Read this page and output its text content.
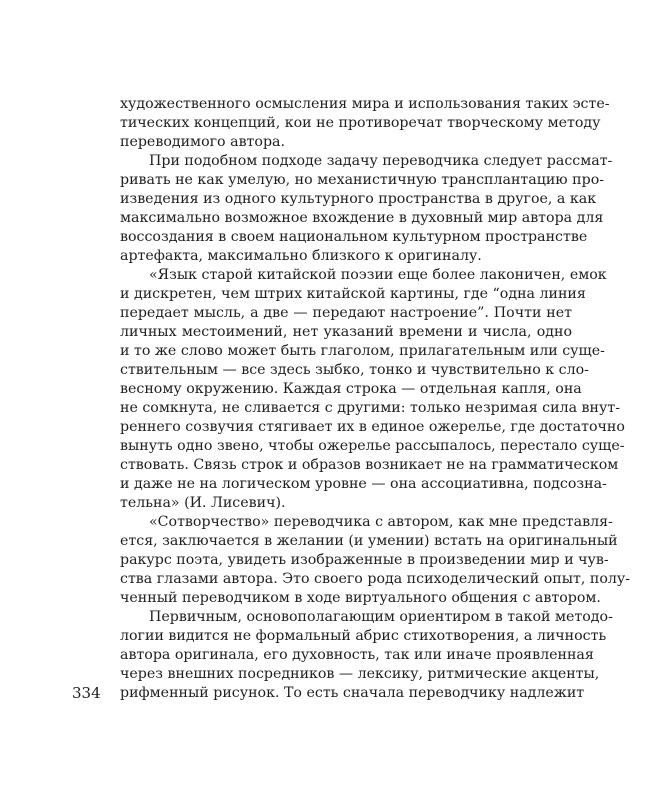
художественного осмысления мира и использования таких эсте-
тических концепций, кои не противоречат творческому методу
переводимого автора.
При подобном подходе задачу переводчика следует рассмат-
ривать не как умелую, но механистичную трансплантацию про-
изведения из одного культурного пространства в другое, а как
максимально возможное вхождение в духовный мир автора для
воссоздания в своем национальном культурном пространстве
артефакта, максимально близкого к оригиналу.
«Язык старой китайской поэзии еще более лаконичен, емок
и дискретен, чем штрих китайской картины, где “одна линия
передает мысль, а две — передают настроение”. Почти нет
личных местоимений, нет указаний времени и числа, одно
и то же слово может быть глаголом, прилагательным или суще-
ствительным — все здесь зыбко, тонко и чувствительно к сло-
весному окружению. Каждая строка — отдельная капля, она
не сомкнута, не сливается с другими: только незримая сила внут-
реннего созвучия стягивает их в единое ожерелье, где достаточно
вынуть одно звено, чтобы ожерелье рассыпалось, перестало суще-
ствовать. Связь строк и образов возникает не на грамматическом
и даже не на логическом уровне — она ассоциативна, подсозна-
тельна» (И. Лисевич).
«Сотворчество» переводчика с автором, как мне представля-
ется, заключается в желании (и умении) встать на оригинальный
ракурс поэта, увидеть изображенные в произведении мир и чув-
ства глазами автора. Это своего рода психоделический опыт, полу-
ченный переводчиком в ходе виртуального общения с автором.
Первичным, основополагающим ориентиром в такой методо-
логии видится не формальный абрис стихотворения, а личность
автора оригинала, его духовность, так или иначе проявленная
через внешних посредников — лексику, ритмические акценты,
рифменный рисунок. То есть сначала переводчику надлежит
334
